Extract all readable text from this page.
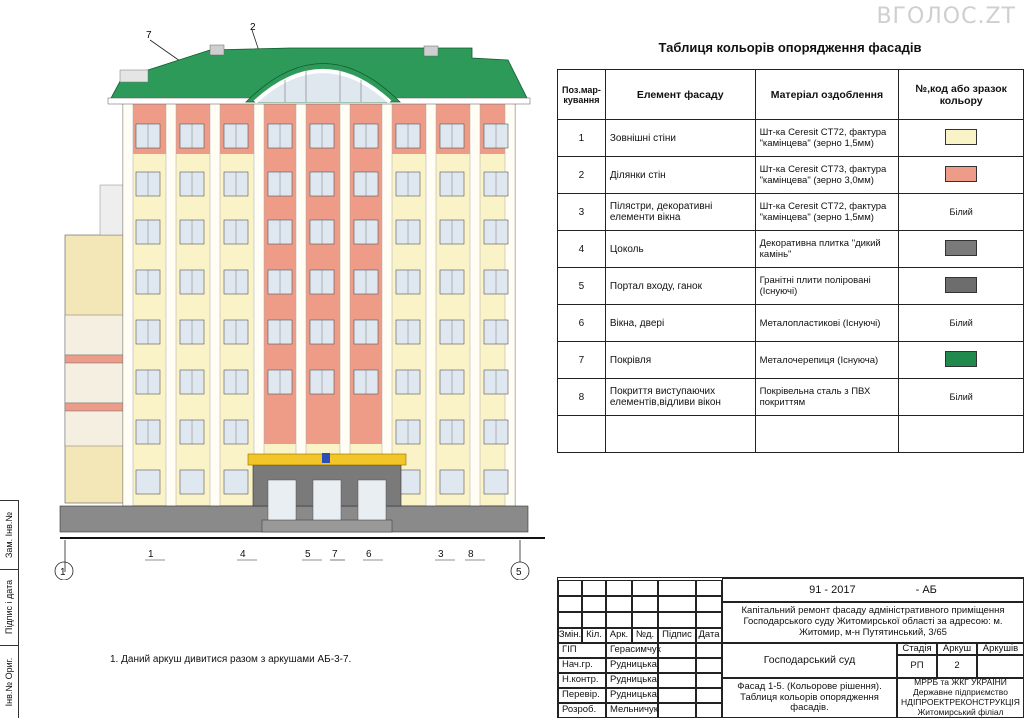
ВГОЛОС.ZT
Зам. Інв.№
Підпис і дата
Інв.№ Ориг.
7
2
1	5
1	4	5 7	6	3 8
Таблиця кольорів опорядження фасадів
Поз.мар-кування	Елемент фасаду	Матеріал оздоблення	№,код або зразок кольору
1	Зовнішні стіни	Шт-ка Ceresit CT72, фактура "камінцева" (зерно 1,5мм)	
2	Ділянки стін	Шт-ка Ceresit CT73, фактура "камінцева" (зерно 3,0мм)	
3	Пілястри, декоративні елементи вікна	Шт-ка Ceresit CT72, фактура "камінцева" (зерно 1,5мм)	Білий
4	Цоколь	Декоративна плитка "дикий камінь"	
5	Портал входу, ганок	Гранітні плити поліровані (Існуючі)	
6	Вікна, двері	Металопластикові (Існуючі)	Білий
7	Покрівля	Металочерепиця (Існуюча)	
8	Покриття виступаючих елементів,відливи вікон	Покрівельна сталь з ПВХ покриттям	Білий

1. Даний аркуш дивитися разом з аркушами АБ-3-7.
Змін. Кіл. Арк. №д. Підпис Дата
91 - 2017	- АБ
Капітальний ремонт фасаду адміністративного приміщення Господарського суду Житомирської області за адресою: м. Житомир, м-н Путятинський, 3/65
Господарський суд
Стадія	Аркуш	Аркушів
РП	2
Фасад 1-5. (Кольорове рішення). Таблиця кольорів опорядження фасадів.
МРРБ та ЖКГ УКРАЇНИ Державне підприємство НДІПРОЕКТРЕКОНСТРУКЦІЯ Житомирський філіал
ГІП	Герасимчук
Нач.гр.	Рудницька
Н.контр.	Рудницька
Перевір.	Рудницька
Розроб.	Мельничук
